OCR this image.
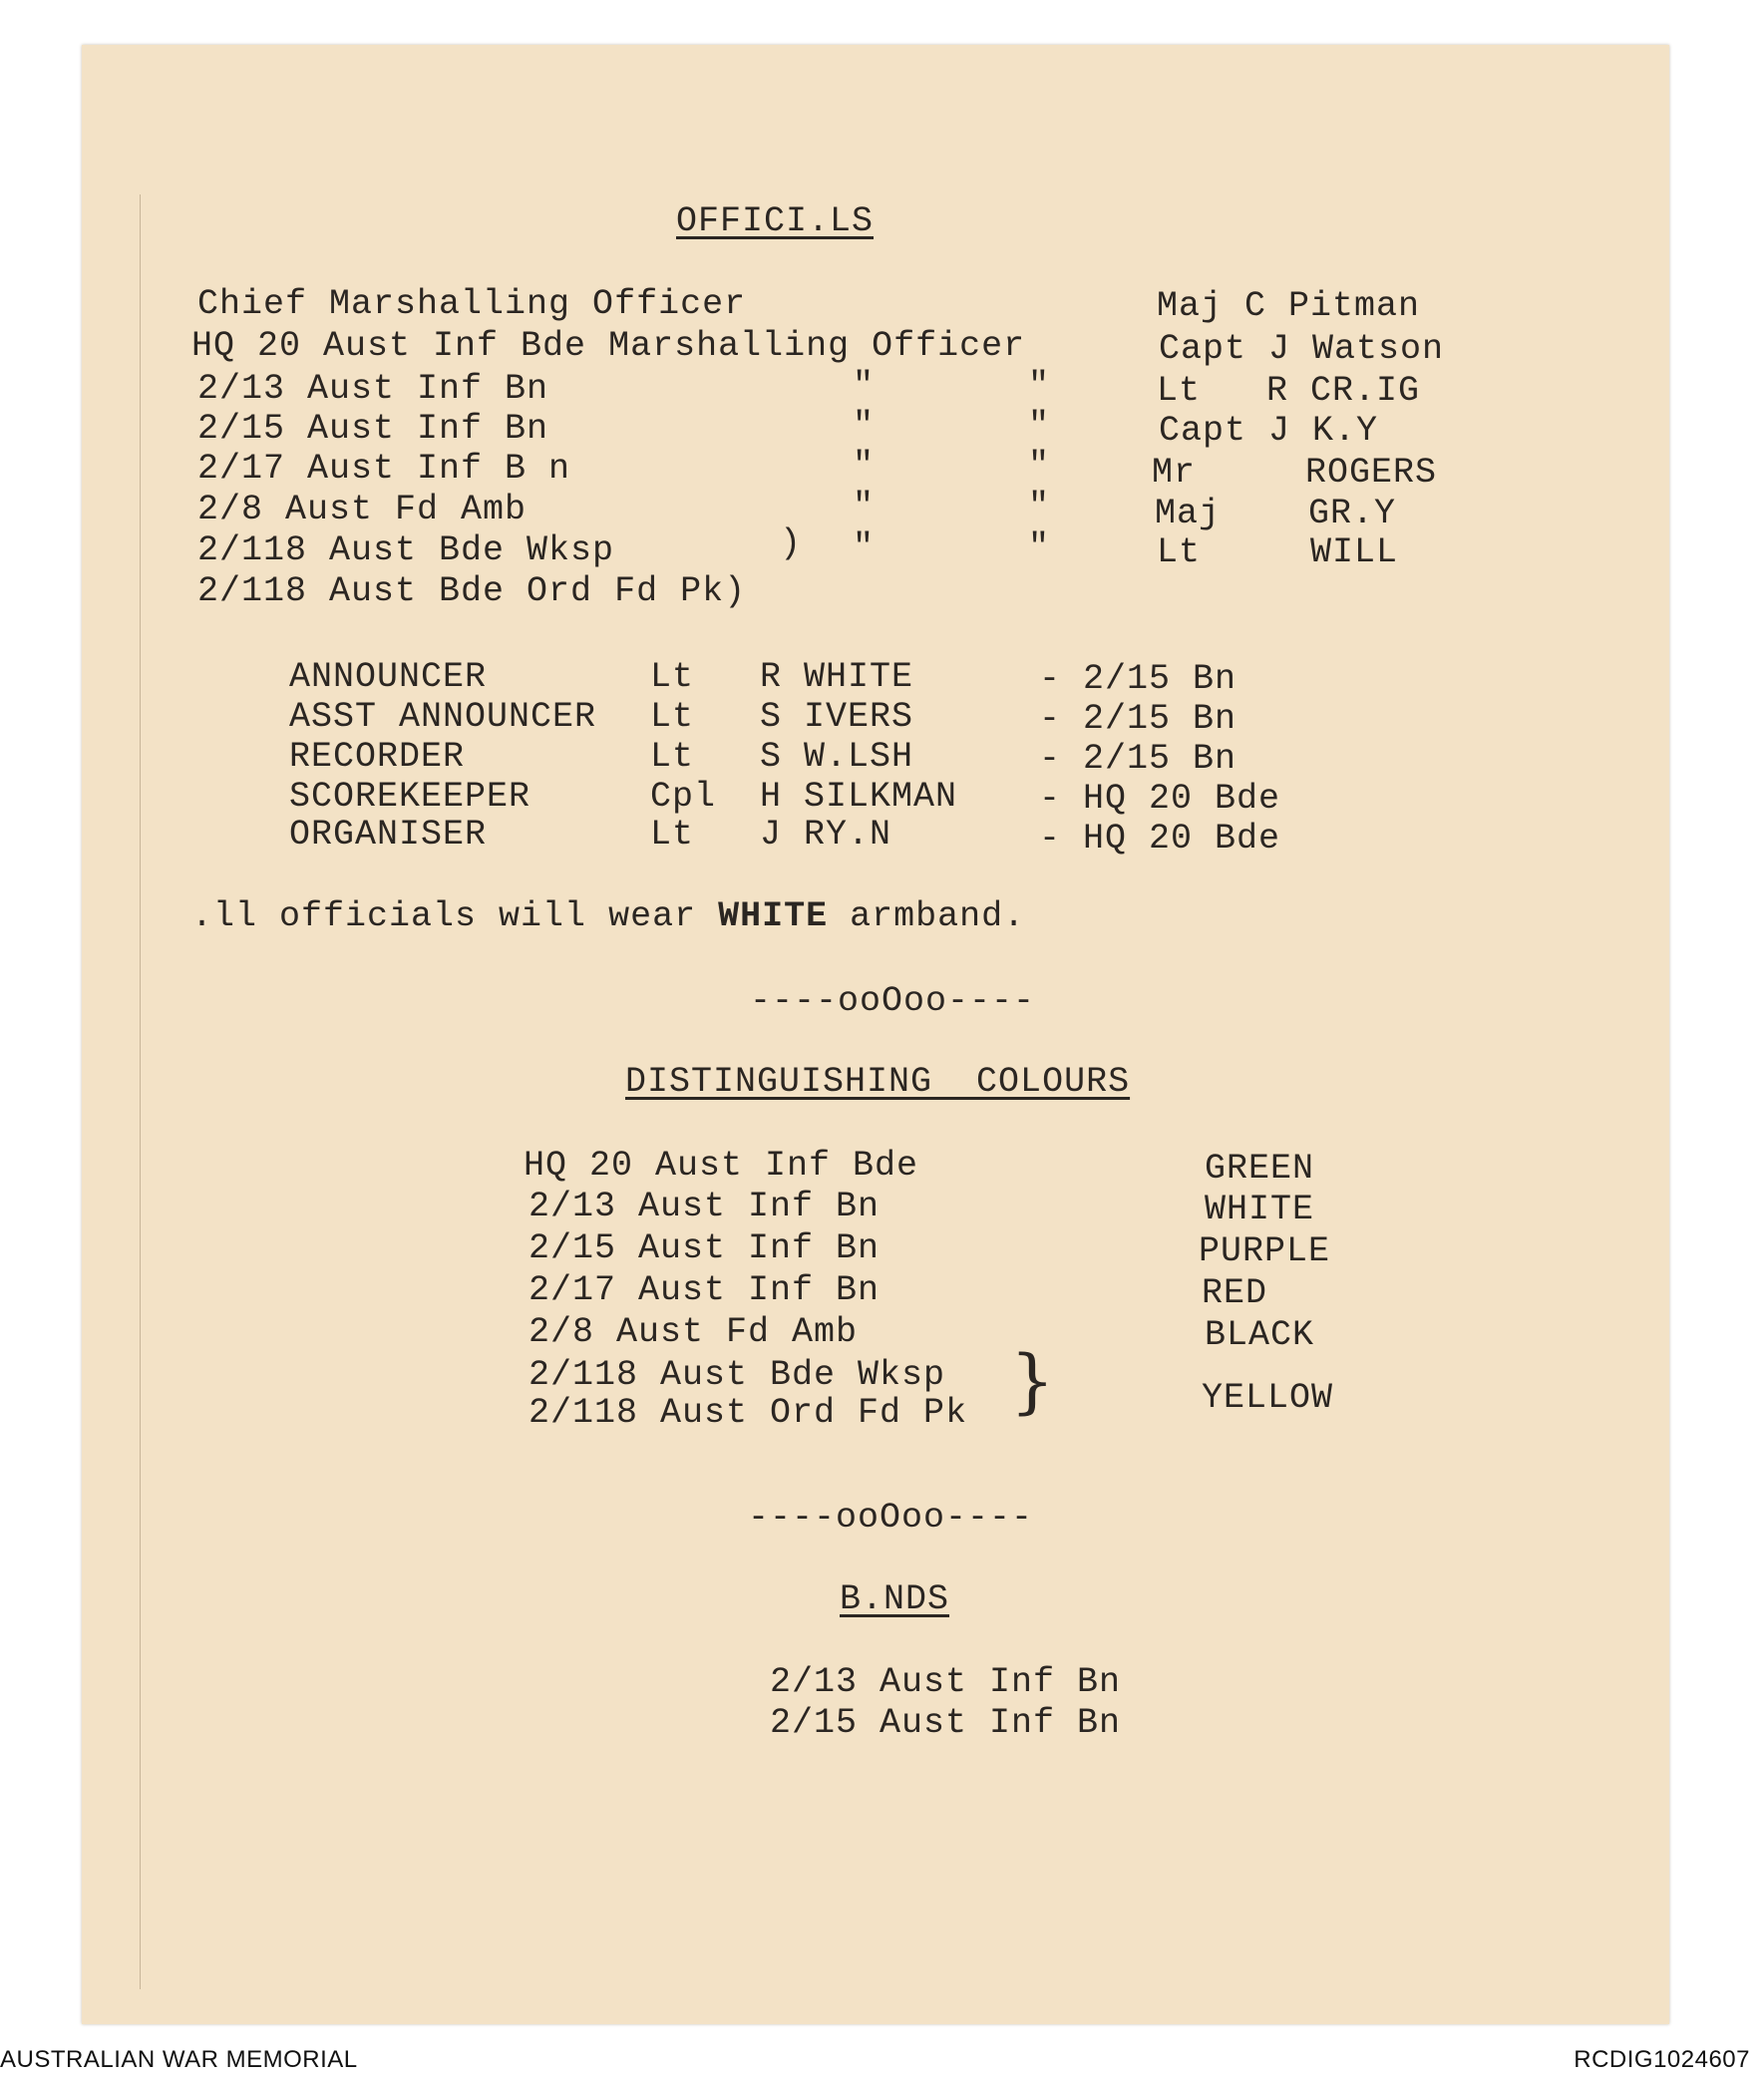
OFFICI.LS
Chief Marshalling Officer	Maj C Pitman
HQ 20 Aust Inf Bde Marshalling Officer	Capt J Watson
2/13 Aust Inf Bn	"       "	Lt   R CR.IG
2/15 Aust Inf Bn	"       "	Capt J K.Y
2/17 Aust Inf B n	"       "	Mr     ROGERS
2/8 Aust Fd Amb	"       "	Maj    GR.Y
2/118 Aust Bde Wksp	) "       "	Lt     WILL
2/118 Aust Bde Ord Fd Pk)
ANNOUNCER	Lt   R WHITE	- 2/15 Bn
ASST ANNOUNCER Lt   S IVERS	- 2/15 Bn
RECORDER	Lt   S W.LSH	- 2/15 Bn
SCOREKEEPER	Cpl  H SILKMAN - HQ 20 Bde
ORGANISER	Lt   J RY.N	- HQ 20 Bde
.ll officials will wear WHITE armband.
----ooOoo----
DISTINGUISHING  COLOURS
HQ 20 Aust Inf Bde	GREEN
2/13 Aust Inf Bn	WHITE
2/15 Aust Inf Bn	PURPLE
2/17 Aust Inf Bn	RED
2/8 Aust Fd Amb	BLACK
2/118 Aust Bde Wksp
2/118 Aust Ord Fd Pk }	YELLOW
----ooOoo----
B.NDS
2/13 Aust Inf Bn
2/15 Aust Inf Bn
AUSTRALIAN WAR MEMORIAL	RCDIG1024607
